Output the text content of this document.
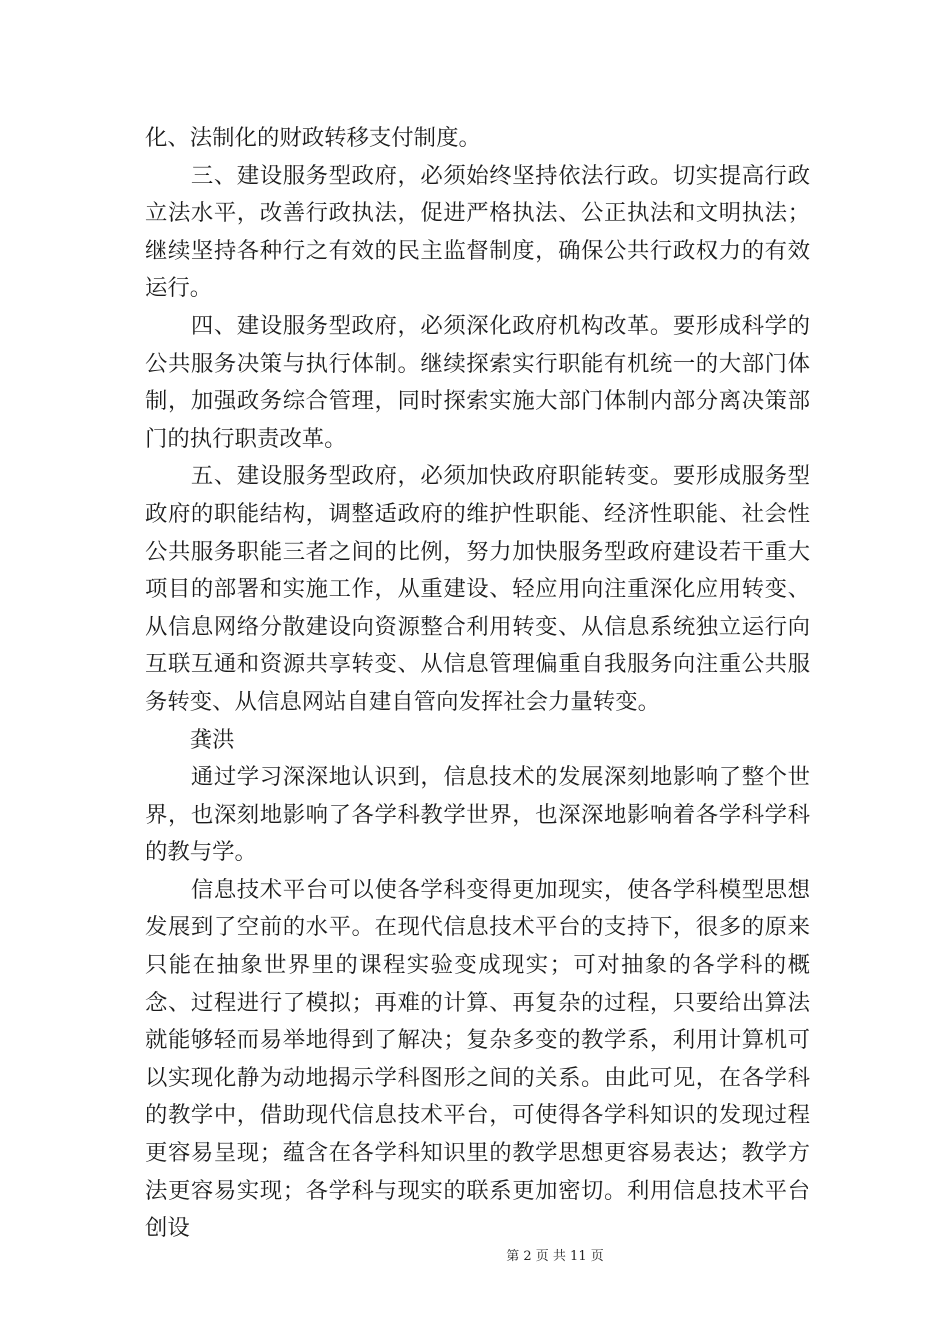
化、法制化的财政转移支付制度。

　　三、建设服务型政府，必须始终坚持依法行政。切实提高行政立法水平，改善行政执法，促进严格执法、公正执法和文明执法；继续坚持各种行之有效的民主监督制度，确保公共行政权力的有效运行。

　　四、建设服务型政府，必须深化政府机构改革。要形成科学的公共服务决策与执行体制。继续探索实行职能有机统一的大部门体制，加强政务综合管理，同时探索实施大部门体制内部分离决策部门的执行职责改革。

　　五、建设服务型政府，必须加快政府职能转变。要形成服务型政府的职能结构，调整适政府的维护性职能、经济性职能、社会性公共服务职能三者之间的比例，努力加快服务型政府建设若干重大项目的部署和实施工作，从重建设、轻应用向注重深化应用转变、从信息网络分散建设向资源整合利用转变、从信息系统独立运行向互联互通和资源共享转变、从信息管理偏重自我服务向注重公共服务转变、从信息网站自建自管向发挥社会力量转变。

　　龚洪

　　通过学习深深地认识到，信息技术的发展深刻地影响了整个世界，也深刻地影响了各学科教学世界，也深深地影响着各学科学科的教与学。

　　信息技术平台可以使各学科变得更加现实，使各学科模型思想发展到了空前的水平。在现代信息技术平台的支持下，很多的原来只能在抽象世界里的课程实验变成现实；可对抽象的各学科的概念、过程进行了模拟；再难的计算、再复杂的过程，只要给出算法就能够轻而易举地得到了解决；复杂多变的教学系，利用计算机可以实现化静为动地揭示学科图形之间的关系。由此可见，在各学科的教学中，借助现代信息技术平台，可使得各学科知识的发现过程更容易呈现；蕴含在各学科知识里的教学思想更容易表达；教学方法更容易实现；各学科与现实的联系更加密切。利用信息技术平台创设

第 2 页 共 11 页
